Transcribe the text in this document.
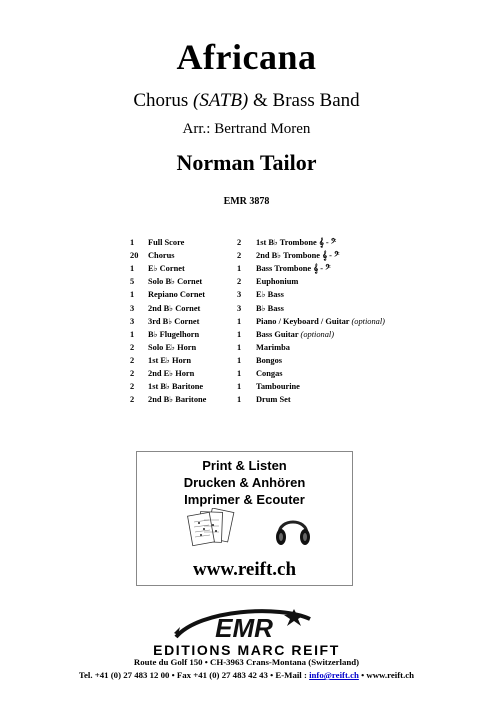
Africana
Chorus (SATB) & Brass Band
Arr.: Bertrand Moren
Norman Tailor
EMR 3878
1 Full Score
20 Chorus
1 E♭ Cornet
5 Solo B♭ Cornet
1 Repiano Cornet
3 2nd B♭ Cornet
3 3rd B♭ Cornet
1 B♭ Flugelhorn
2 Solo E♭ Horn
2 1st E♭ Horn
2 2nd E♭ Horn
2 1st B♭ Baritone
2 2nd B♭ Baritone
2 1st B♭ Trombone 𝄞 - 𝄢
2 2nd B♭ Trombone 𝄞 - 𝄢
1 Bass Trombone 𝄞 - 𝄢
2 Euphonium
3 E♭ Bass
3 B♭ Bass
1 Piano / Keyboard / Guitar (optional)
1 Bass Guitar (optional)
1 Marimba
1 Bongos
1 Congas
1 Tambourine
1 Drum Set
Print & Listen
Drucken & Anhören
Imprimer & Ecouter
www.reift.ch
EMR
EDITIONS MARC REIFT
Route du Golf 150 • CH-3963 Crans-Montana (Switzerland)
Tel. +41 (0) 27 483 12 00 • Fax +41 (0) 27 483 42 43 • E-Mail : info@reift.ch • www.reift.ch
